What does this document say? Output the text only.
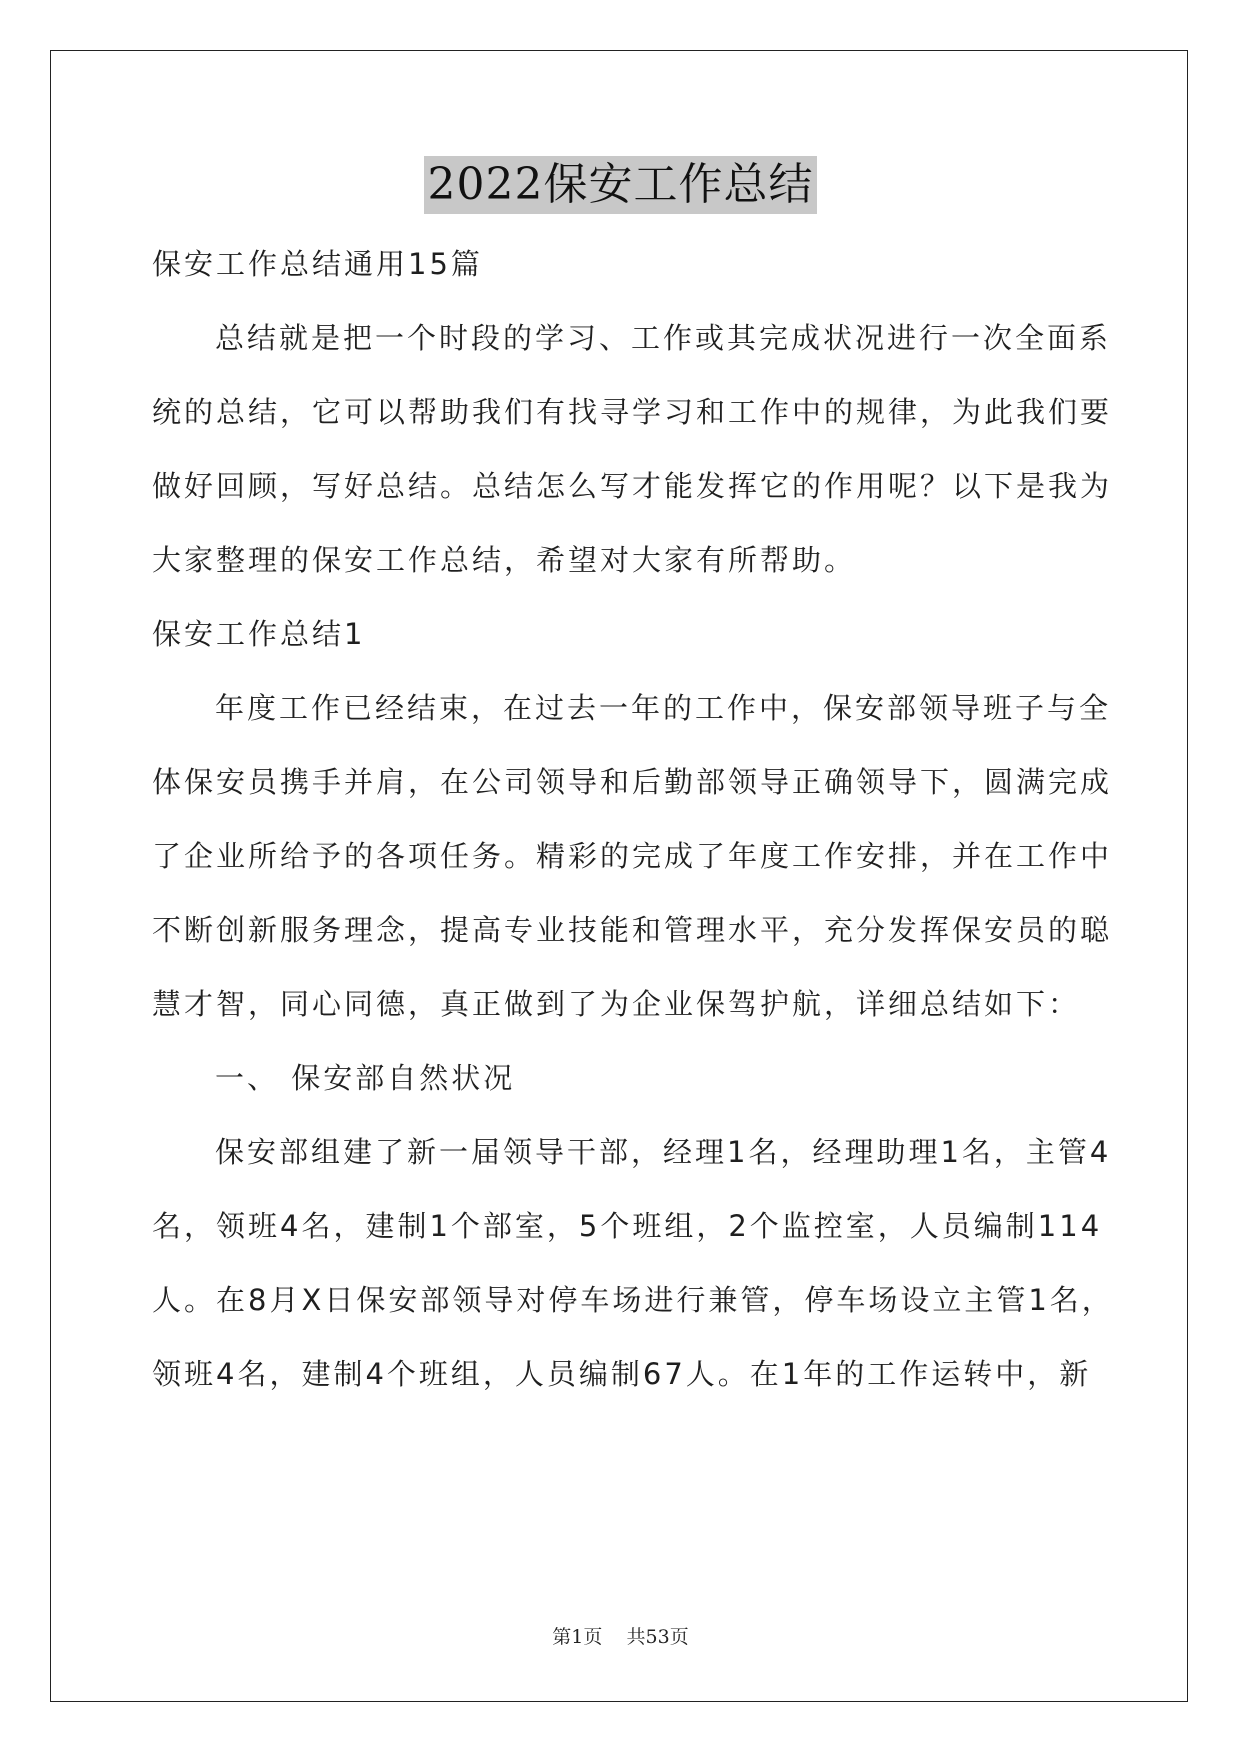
2022保安工作总结
保安工作总结通用15篇
总结就是把一个时段的学习、工作或其完成状况进行一次全面系
统的总结，它可以帮助我们有找寻学习和工作中的规律，为此我们要
做好回顾，写好总结。总结怎么写才能发挥它的作用呢？以下是我为
大家整理的保安工作总结，希望对大家有所帮助。
保安工作总结1
年度工作已经结束，在过去一年的工作中，保安部领导班子与全
体保安员携手并肩，在公司领导和后勤部领导正确领导下，圆满完成
了企业所给予的各项任务。精彩的完成了年度工作安排，并在工作中
不断创新服务理念，提高专业技能和管理水平，充分发挥保安员的聪
慧才智，同心同德，真正做到了为企业保驾护航，详细总结如下：
一、 保安部自然状况
保安部组建了新一届领导干部，经理1名，经理助理1名，主管4
名，领班4名，建制1个部室，5个班组，2个监控室，人员编制114
人。在8月X日保安部领导对停车场进行兼管，停车场设立主管1名，
领班4名，建制4个班组，人员编制67人。在1年的工作运转中，新
第1页 共53页
